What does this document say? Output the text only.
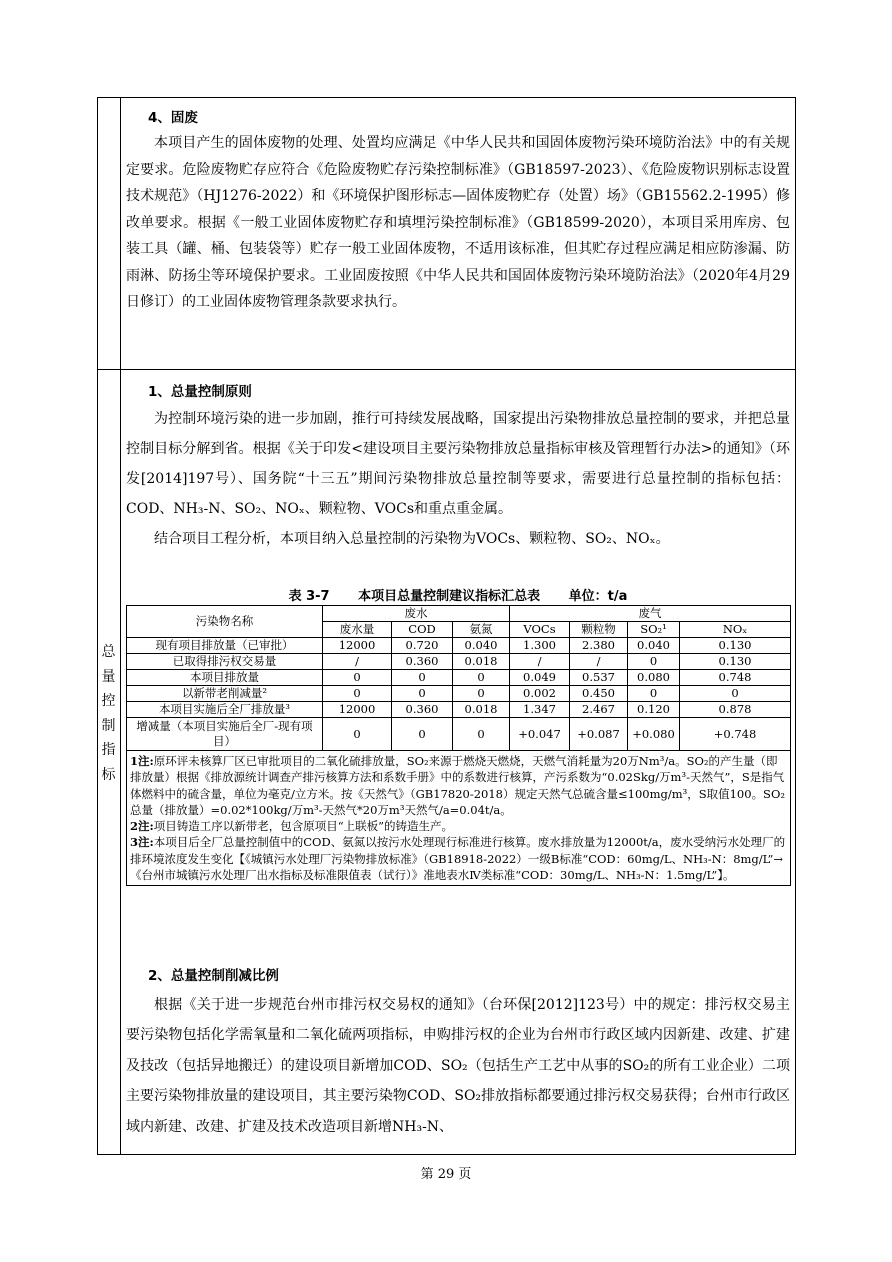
总
量
控
制
指
标
4、固废

本项目产生的固体废物的处理、处置均应满足《中华人民共和国固体废物污染环境防治法》中的有关规定要求。危险废物贮存应符合《危险废物贮存污染控制标准》（GB18597-2023）、《危险废物识别标志设置技术规范》（HJ1276-2022）和《环境保护图形标志—固体废物贮存（处置）场》（GB15562.2-1995）修改单要求。根据《一般工业固体废物贮存和填埋污染控制标准》（GB18599-2020），本项目采用库房、包装工具（罐、桶、包装袋等）贮存一般工业固体废物，不适用该标准，但其贮存过程应满足相应防渗漏、防雨淋、防扬尘等环境保护要求。工业固废按照《中华人民共和国固体废物污染环境防治法》（2020年4月29日修订）的工业固体废物管理条款要求执行。

1、总量控制原则

为控制环境污染的进一步加剧，推行可持续发展战略，国家提出污染物排放总量控制的要求，并把总量控制目标分解到省。根据《关于印发<建设项目主要污染物排放总量指标审核及管理暂行办法>的通知》（环发[2014]197号）、国务院“十三五”期间污染物排放总量控制等要求，需要进行总量控制的指标包括：COD、NH₃-N、SO₂、NOₓ、颗粒物、VOCs和重点重金属。

结合项目工程分析，本项目纳入总量控制的污染物为VOCs、颗粒物、SO₂、NOₓ。

表 3-7 本项目总量控制建议指标汇总表 单位：t/a
污染物名称	废水			废气			
	废水量	COD	氨氮	VOCs	颗粒物	SO₂¹	NOₓ
现有项目排放量（已审批）	12000	0.720	0.040	1.300	2.380	0.040	0.130
已取得排污权交易量	/	0.360	0.018	/	/	0	0.130
本项目排放量	0	0	0	0.049	0.537	0.080	0.748
以新带老削减量²	0	0	0	0.002	0.450	0	0
本项目实施后全厂排放量³	12000	0.360	0.018	1.347	2.467	0.120	0.878
增减量（本项目实施后全厂-现有项目）	0	0	0	+0.047	+0.087	+0.080	+0.748

1注:原环评未核算厂区已审批项目的二氧化硫排放量，SO₂来源于燃烧天燃烧，天燃气消耗量为20万Nm³/a。SO₂的产生量（即排放量）根据《排放源统计调查产排污核算方法和系数手册》中的系数进行核算，产污系数为“0.02Skg/万m³-天然气”，S是指气体燃料中的硫含量，单位为毫克/立方米。按《天然气》（GB17820-2018）规定天然气总硫含量≤100mg/m³，S取值100。SO₂总量（排放量）=0.02*100kg/万m³-天然气*20万m³天然气/a=0.04t/a。

2注:项目铸造工序以新带老，包含原项目“上联板”的铸造生产。

3注:本项目后全厂总量控制值中的COD、氨氮以按污水处理现行标准进行核算。废水排放量为12000t/a，废水受纳污水处理厂的排环境浓度发生变化【《城镇污水处理厂污染物排放标准》（GB18918-2022）一级B标准“COD：60mg/L、NH₃-N：8mg/L”→《台州市城镇污水处理厂出水指标及标准限值表（试行）》准地表水Ⅳ类标准“COD：30mg/L、NH₃-N：1.5mg/L”】。							

2、总量控制削减比例

根据《关于进一步规范台州市排污权交易权的通知》（台环保[2012]123号）中的规定：排污权交易主要污染物包括化学需氧量和二氧化硫两项指标，申购排污权的企业为台州市行政区域内因新建、改建、扩建及技改（包括异地搬迁）的建设项目新增加COD、SO₂（包括生产工艺中从事的SO₂的所有工业企业）二项主要污染物排放量的建设项目，其主要污染物COD、SO₂排放指标都要通过排污权交易获得；台州市行政区域内新建、改建、扩建及技术改造项目新增NH₃-N、

第 29 页
